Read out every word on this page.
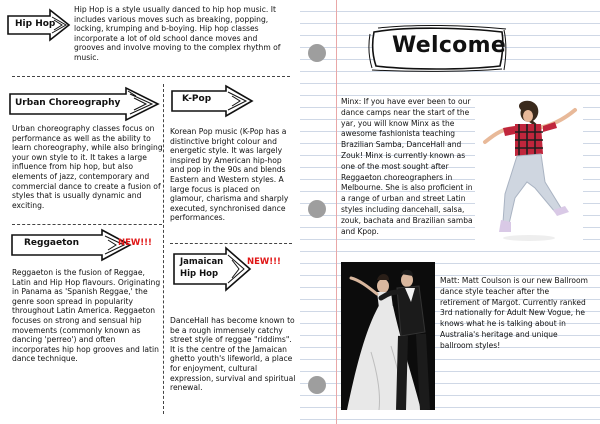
Hip Hop
Hip Hop is a style usually danced to hip hop music. It includes various moves such as breaking, popping, locking, krumping and b-boying. Hip hop classes incorporate a lot of old school dance moves and grooves and involve moving to the complex rhythm of music.
Urban Choreography
Urban choreography classes focus on performance as well as the ability to learn choreography, while also bringing your own style to it. It takes a large influence from hip hop, but also elements of jazz, contemporary and commercial dance to create a fusion of styles that is usually dynamic and exciting.
K-Pop
Korean Pop music (K-Pop has a distinctive bright colour and energetic style. It was largely inspired by American hip-hop and pop in the 90s and blends Eastern and Western styles. A large focus is placed on glamour, charisma and sharply executed, synchronised dance performances.
Reggaeton	NEW!!!
Reggaeton is the fusion of Reggae, Latin and Hip Hop flavours. Originating in Panama as 'Spanish Reggae,' the genre soon spread in popularity throughout Latin America. Reggaeton focuses on strong and sensual hip movements (commonly known as dancing 'perreo') and often incorporates hip hop grooves and latin dance technique.
Jamaican
Hip Hop
NEW!!!
DanceHall has become known to be a rough immensely catchy street style of reggae "riddims". It is the centre of the Jamaican ghetto youth's lifeworld, a place for enjoyment, cultural expression, survival and spiritual renewal.
Welcome
Minx: If you have ever been to our dance camps near the start of the yar, you will know Minx as the awesome fashionista teaching Brazilian Samba, DanceHall and Zouk! Minx is currently known as one of the most sought after Reggaeton choreographers in Melbourne. She is also proficient in a range of urban and street Latin styles including dancehall, salsa, zouk, bachata and Brazilian samba and Kpop.
Matt: Matt Coulson is our new Ballroom dance style teacher after the retirement of Margot. Currently ranked 3rd nationally for Adult New Vogue, he knows what he is talking about in Australia's heritage and unique ballroom styles!
